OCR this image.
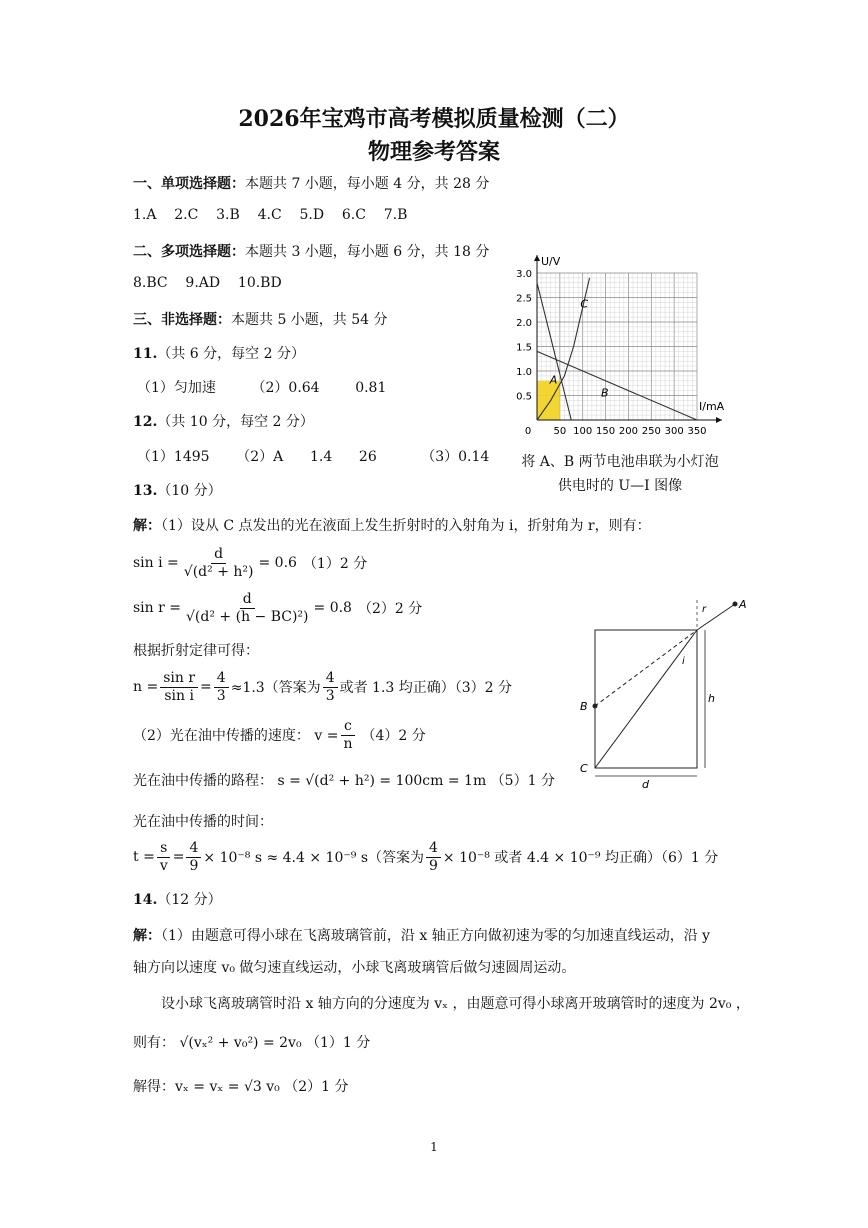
2026年宝鸡市高考模拟质量检测（二）
物理参考答案
一、单项选择题：本题共 7 小题，每小题 4 分，共 28 分
1.A    2.C    3.B    4.C    5.D    6.C    7.B
二、多项选择题：本题共 3 小题，每小题 6 分，共 18 分
8.BC    9.AD    10.BD
三、非选择题：本题共 5 小题，共 54 分
11.（共 6 分，每空 2 分）
（1）匀加速        （2）0.64        0.81
12.（共 10 分，每空 2 分）
（1）1495      （2）A      1.4      26          （3）0.14
13.（10 分）
解：（1）设从 C 点发出的光在液面上发生折射时的入射角为 i，折射角为 r，则有：
$\sin i = \frac{d}{\text{√(d² + h²)}} = 0.6$ （1）2 分
$\sin r = \frac{d}{\text{√(d² + (h − BC)²)}} = 0.8$ （2）2 分
根据折射定律可得：
$n = \frac{\text{sin r}}{\text{sin i}} = \frac{4}{3} \approx 1.3$（答案为 $\frac{4}{3}$ 或者 1.3 均正确）（3）2 分
（2）光在油中传播的速度： $v = \frac{c}{n} (4)2$ 分
光在油中传播的路程： s = √(d² + h²) = 100cm = 1m （5）1 分
光在油中传播的时间：
$t = \frac{s}{v} = \frac{4}{9} \times 10^{-8}$ s ≈ 4.4 × 10⁻⁹ s（答案为 $\frac{4}{9} \times 10^{-8}$ 或者 4.4 × 10⁻⁹ 均正确）（6）1 分
14.（12 分）
解：（1）由题意可得小球在飞离玻璃管前，沿 x 轴正方向做初速为零的匀加速直线运动，沿 y
轴方向以速度 v₀ 做匀速直线运动，小球飞离玻璃管后做匀速圆周运动。
设小球飞离玻璃管时沿 x 轴方向的分速度为 vₓ ，由题意可得小球离开玻璃管时的速度为 2v₀ ，
则有： √(vₓ² + v₀²) = 2v₀ （1）1 分
解得：vₓ = vₓ = √3 v₀ （2）1 分
0.5
1.0
1.5
2.0
2.5
3.0
0 50 100 150 200 250 300 350
U/V
I/mA
A
B
C
将 A、B 两节电池串联为小灯泡供电时的 U—I 图像
A
B
C
d
h
i
r
1
